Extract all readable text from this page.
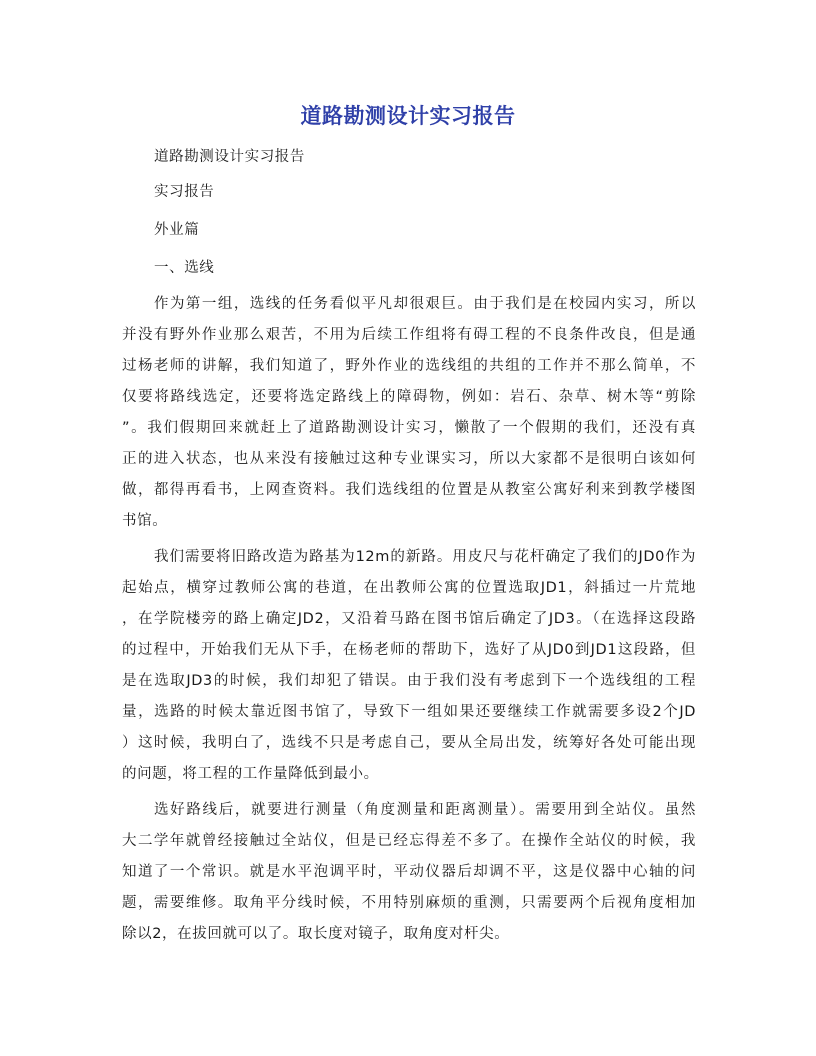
道路勘测设计实习报告
道路勘测设计实习报告
实习报告
外业篇
一、选线
作为第一组，选线的任务看似平凡却很艰巨。由于我们是在校园内实习，所以
并没有野外作业那么艰苦，不用为后续工作组将有碍工程的不良条件改良，但是通
过杨老师的讲解，我们知道了，野外作业的选线组的共组的工作并不那么简单，不
仅要将路线选定，还要将选定路线上的障碍物，例如：岩石、杂草、树木等“剪除
”。我们假期回来就赶上了道路勘测设计实习，懒散了一个假期的我们，还没有真
正的进入状态，也从来没有接触过这种专业课实习，所以大家都不是很明白该如何
做，都得再看书，上网查资料。我们选线组的位置是从教室公寓好利来到教学楼图
书馆。
我们需要将旧路改造为路基为12m的新路。用皮尺与花杆确定了我们的JD0作为
起始点，横穿过教师公寓的巷道，在出教师公寓的位置选取JD1，斜插过一片荒地
，在学院楼旁的路上确定JD2，又沿着马路在图书馆后确定了JD3。（在选择这段路
的过程中，开始我们无从下手，在杨老师的帮助下，选好了从JD0到JD1这段路，但
是在选取JD3的时候，我们却犯了错误。由于我们没有考虑到下一个选线组的工程
量，选路的时候太靠近图书馆了，导致下一组如果还要继续工作就需要多设2个JD
）这时候，我明白了，选线不只是考虑自己，要从全局出发，统筹好各处可能出现
的问题，将工程的工作量降低到最小。
选好路线后，就要进行测量（角度测量和距离测量）。需要用到全站仪。虽然
大二学年就曾经接触过全站仪，但是已经忘得差不多了。在操作全站仪的时候，我
知道了一个常识。就是水平泡调平时，平动仪器后却调不平，这是仪器中心轴的问
题，需要维修。取角平分线时候，不用特别麻烦的重测，只需要两个后视角度相加
除以2，在拔回就可以了。取长度对镜子，取角度对杆尖。
